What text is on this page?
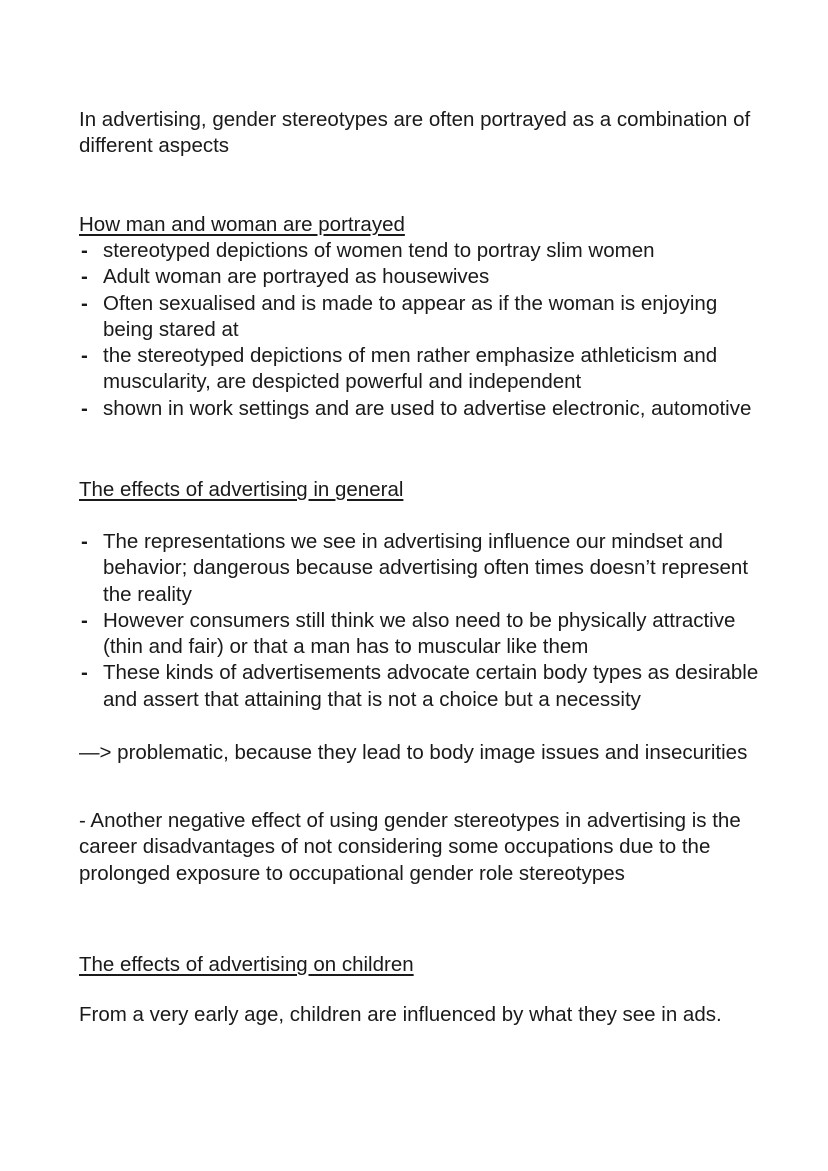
In advertising, gender stereotypes are often portrayed as a combination of different aspects

How man and woman are portrayed

- stereotyped depictions of women tend to portray slim women
- Adult woman are portrayed as housewives
- Often sexualised and is made to appear as if the woman is enjoying being stared at
- the stereotyped depictions of men rather emphasize athleticism and muscularity, are despicted powerful and independent
- shown in work settings and are used to advertise electronic, automotive

The effects of advertising in general

- The representations we see in advertising influence our mindset and behavior; dangerous because advertising often times doesn’t represent the reality
- However consumers still think we also need to be physically attractive (thin and fair) or that a man has to muscular like them
- These kinds of advertisements advocate certain body types as desirable and assert that attaining that is not a choice but a necessity

—> problematic, because they lead to body image issues and insecurities

- Another negative effect of using gender stereotypes in advertising is the career disadvantages of not considering some occupations due to the prolonged exposure to occupational gender role stereotypes

The effects of advertising on children

From a very early age, children are influenced by what they see in ads.
